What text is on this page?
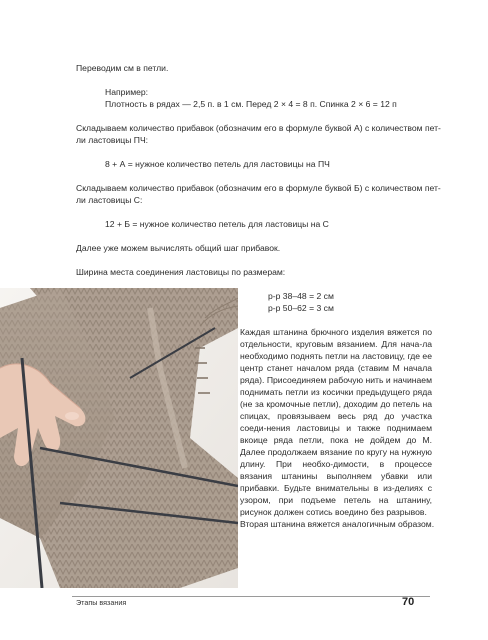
Переводим см в петли.

Например:

Плотность в рядах — 2,5 п. в 1 см. Перед 2 × 4 = 8 п. Спинка 2 × 6 = 12 п

Складываем количество прибавок (обозначим его в формуле буквой А) с количеством пет-

ли ластовицы ПЧ:

8 + А = нужное количество петель для ластовицы на ПЧ

Складываем количество прибавок (обозначим его в формуле буквой Б) с количеством пет-

ли ластовицы С:

12 + Б = нужное количество петель для ластовицы на С

Далее уже можем вычислять общий шаг прибавок.

Ширина места соединения ластовицы по размерам:

р-р 38–48 = 2 см

р-р 50–62 = 3 см

Каждая штанина брючного изделия вяжется по отдельности, круговым вязанием. Для нача-ла необходимо поднять петли на ластовицу, где ее центр станет началом ряда (ставим М начала ряда). Присоединяем рабочую нить и начинаем поднимать петли из косички предыдущего ряда (не за кромочные петли), доходим до петель на спицах, провязываем весь ряд до участка соеди-нения ластовицы и также поднимаем вкоице ряда петли, пока не дойдем до М. Далее продолжаем вязание по кругу на нужную длину. При необхо-димости, в процессе вязания штанины выполняем убавки или прибавки. Будьте внимательны в из-делиях с узором, при подъеме петель на штанину, рисунок должен сотись воедино без разрывов.

Вторая штанина вяжется аналогичным образом.

Этапы вязания	70
